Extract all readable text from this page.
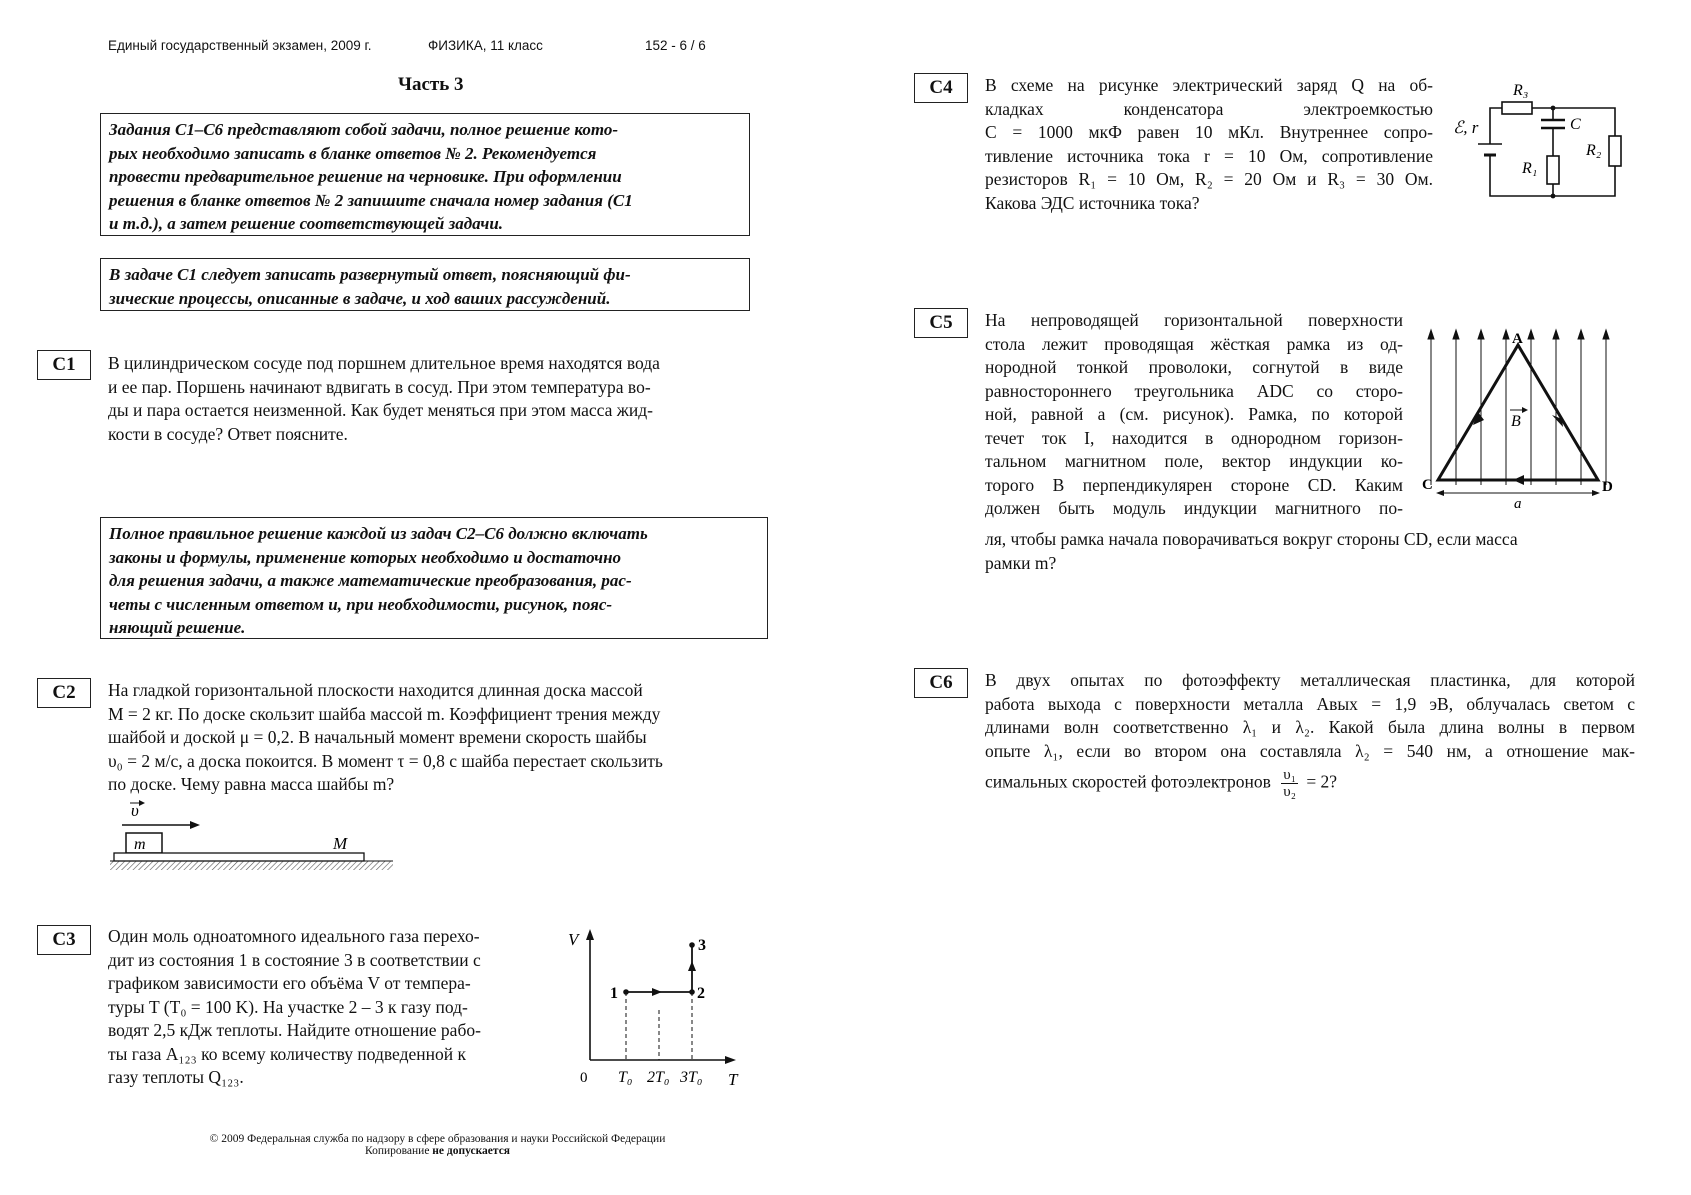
Единый государственный экзамен, 2009 г.	ФИЗИКА, 11 класс	152 - 6 / 6
Часть 3
Задания С1–С6 представляют собой задачи, полное решение кото-
рых необходимо записать в бланке ответов № 2. Рекомендуется
провести предварительное решение на черновике. При оформлении
решения в бланке ответов № 2 запишите сначала номер задания (С1
и т.д.), а затем решение соответствующей задачи.
В задаче С1 следует записать развернутый ответ, поясняющий фи-
зические процессы, описанные в задаче, и ход ваших рассуждений.
С1	В цилиндрическом сосуде под поршнем длительное время находятся вода
и ее пар. Поршень начинают вдвигать в сосуд. При этом температура во-
ды и пара остается неизменной. Как будет меняться при этом масса жид-
кости в сосуде? Ответ поясните.
Полное правильное решение каждой из задач С2–С6 должно включать
законы и формулы, применение которых необходимо и достаточно
для решения задачи, а также математические преобразования, рас-
четы с численным ответом и, при необходимости, рисунок, пояс-
няющий решение.
С2	На гладкой горизонтальной плоскости находится длинная доска массой
M = 2 кг. По доске скользит шайба массой m. Коэффициент трения между
шайбой и доской μ = 0,2. В начальный момент времени скорость шайбы
υ₀ = 2 м/с, а доска покоится. В момент τ = 0,8 с шайба перестает скользить
по доске. Чему равна масса шайбы m?
υ
m	M
С3	Один моль одноатомного идеального газа перехо-
дит из состояния 1 в состояние 3 в соответствии с
графиком зависимости его объёма V от темпера-
туры T (T₀ = 100 K). На участке 2 – 3 к газу под-
водят 2,5 кДж теплоты. Найдите отношение рабо-
ты газа A₁₂₃ ко всему количеству подведенной к
газу теплоты Q₁₂₃.
V
T
0
1	2
3
T₀ 2T₀ 3T₀
© 2009 Федеральная служба по надзору в сфере образования и науки Российской Федерации
Копирование не допускается
С4	В схеме на рисунке электрический заряд Q на об-
кладках конденсатора электроемкостью
C = 1000 мкФ равен 10 мКл. Внутреннее сопро-
тивление источника тока r = 10 Ом, сопротивление
резисторов R₁ = 10 Ом, R₂ = 20 Ом и R₃ = 30 Ом.
Какова ЭДС источника тока?
R₃
C
R₂
R₁
ℰ, r
С5	На непроводящей горизонтальной поверхности
стола лежит проводящая жёсткая рамка из од-
нородной тонкой проволоки, согнутой в виде
равностороннего треугольника ADC со сторо-
ной, равной a (см. рисунок). Рамка, по которой
течет ток I, находится в однородном горизон-
тальном магнитном поле, вектор индукции ко-
торого B перпендикулярен стороне CD. Каким
должен быть модуль индукции магнитного по-
ля, чтобы рамка начала поворачиваться вокруг стороны CD, если масса
рамки m?
a
B
A
C	D
С6	В двух опытах по фотоэффекту металлическая пластинка, для которой
работа выхода с поверхности металла Aвых = 1,9 эВ, облучалась светом с
длинами волн соответственно λ₁ и λ₂. Какой была длина волны в первом
опыте λ₁, если во втором она составляла λ₂ = 540 нм, а отношение мак-
симальных скоростей фотоэлектронов $\frac{\text{υ₁}}{\text{υ₂}} = 2$?
